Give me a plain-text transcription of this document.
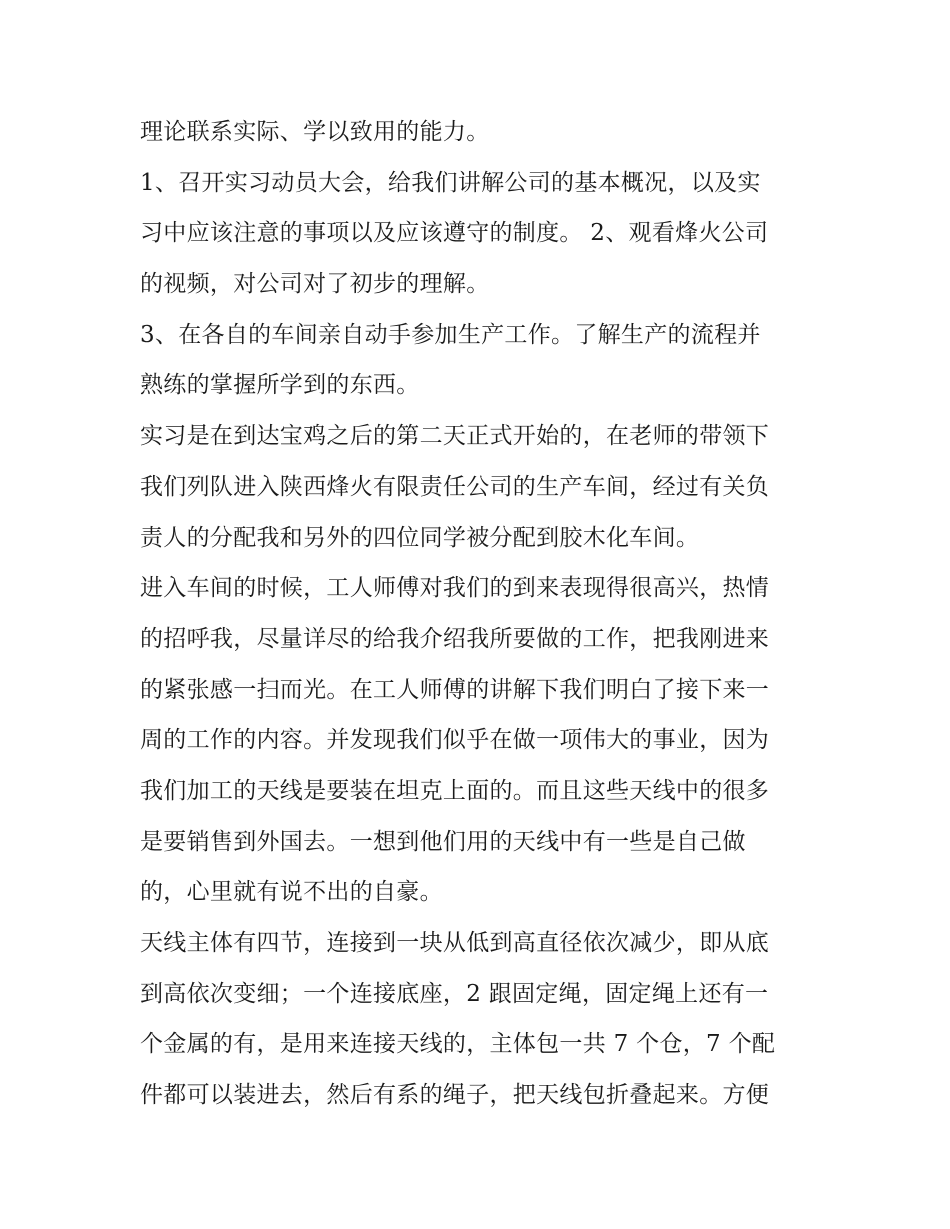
理论联系实际、学以致用的能力。
1、召开实习动员大会，给我们讲解公司的基本概况，以及实
习中应该注意的事项以及应该遵守的制度。 2、观看烽火公司
的视频，对公司对了初步的理解。
3、在各自的车间亲自动手参加生产工作。了解生产的流程并
熟练的掌握所学到的东西。
实习是在到达宝鸡之后的第二天正式开始的，在老师的带领下
我们列队进入陕西烽火有限责任公司的生产车间，经过有关负
责人的分配我和另外的四位同学被分配到胶木化车间。
进入车间的时候，工人师傅对我们的到来表现得很高兴，热情
的招呼我，尽量详尽的给我介绍我所要做的工作，把我刚进来
的紧张感一扫而光。在工人师傅的讲解下我们明白了接下来一
周的工作的内容。并发现我们似乎在做一项伟大的事业，因为
我们加工的天线是要装在坦克上面的。而且这些天线中的很多
是要销售到外国去。一想到他们用的天线中有一些是自己做
的，心里就有说不出的自豪。
天线主体有四节，连接到一块从低到高直径依次减少，即从底
到高依次变细；一个连接底座，2 跟固定绳，固定绳上还有一
个金属的有，是用来连接天线的，主体包一共 7 个仓，7 个配
件都可以装进去，然后有系的绳子，把天线包折叠起来。方便
